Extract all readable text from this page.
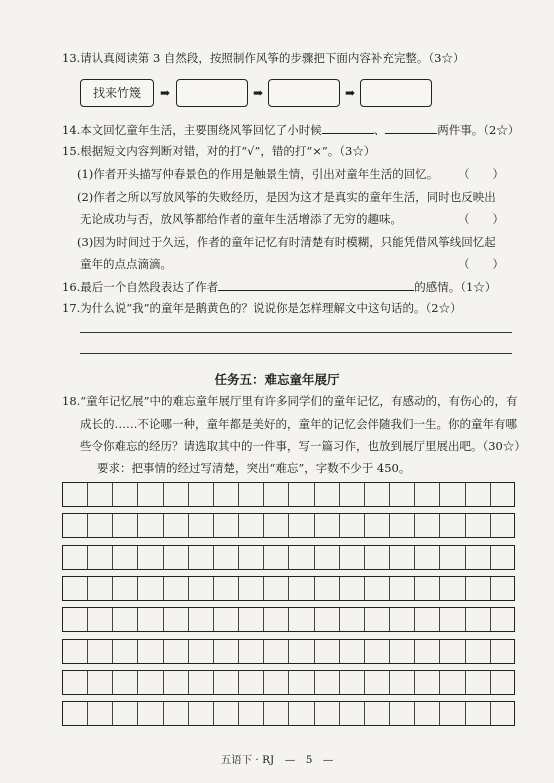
13.请认真阅读第 3 自然段，按照制作风筝的步骤把下面内容补充完整。（3☆）
找来竹篾	➡	➡	➡
14.本文回忆童年生活，主要围绕风筝回忆了小时候	、	两件事。（2☆）
15.根据短文内容判断对错，对的打“√”，错的打“×”。（3☆）
(1)作者开头描写仲春景色的作用是触景生情，引出对童年生活的回忆。 （　　）
(2)作者之所以写放风筝的失败经历，是因为这才是真实的童年生活，同时也反映出
无论成功与否，放风筝都给作者的童年生活增添了无穷的趣味。	（　　）
(3)因为时间过于久远，作者的童年记忆有时清楚有时模糊，只能凭借风筝线回忆起
童年的点点滴滴。	（　　）
16.最后一个自然段表达了作者	的感情。（1☆）
17.为什么说“我”的童年是鹅黄色的？说说你是怎样理解文中这句话的。（2☆）
任务五：难忘童年展厅
18.“童年记忆展”中的难忘童年展厅里有许多同学们的童年记忆，有感动的，有伤心的，有
成长的……不论哪一种，童年都是美好的，童年的记忆会伴随我们一生。你的童年有哪
些令你难忘的经历？请选取其中的一件事，写一篇习作，也放到展厅里展出吧。（30☆）
要求：把事情的经过写清楚，突出“难忘”，字数不少于 450。
五语下 · RJ　—　5　—
